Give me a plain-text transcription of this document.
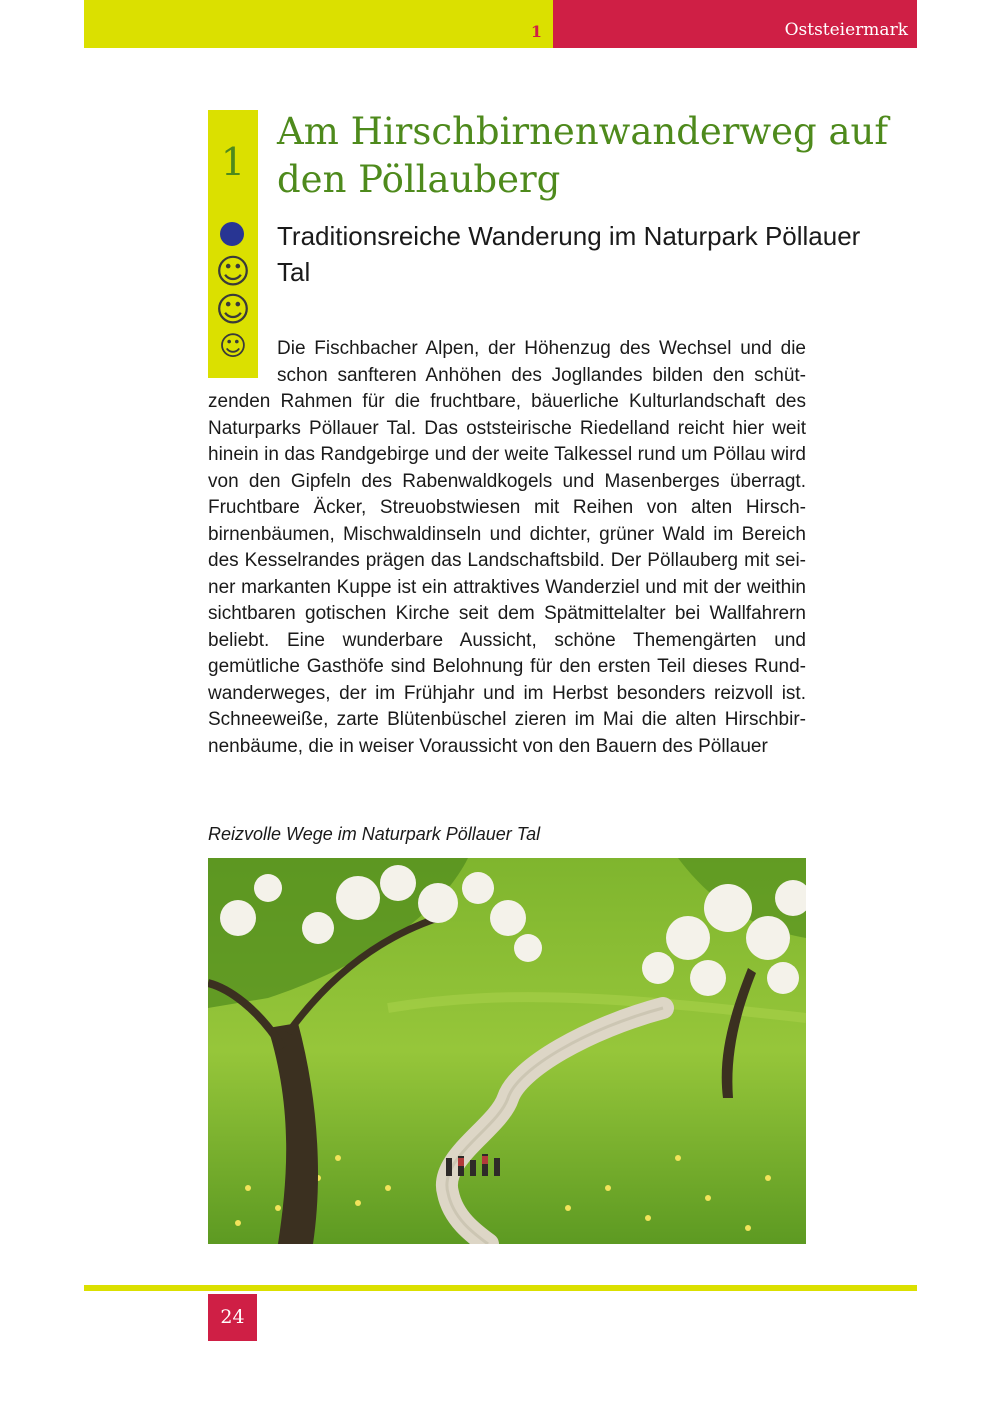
1	Oststeiermark
1
☺
☺
☺
Am Hirschbirnenwanderweg auf den Pöllauberg
Traditionsreiche Wanderung im Naturpark Pöllauer Tal
Die Fischbacher Alpen, der Höhenzug des Wechsel und die schon sanfteren Anhöhen des Jogllandes bilden den schützenden Rahmen für die fruchtbare, bäuerliche Kulturlandschaft des Naturparks Pöllauer Tal. Das oststeirische Riedelland reicht hier weit hinein in das Randgebirge und der weite Talkessel rund um Pöllau wird von den Gipfeln des Rabenwaldkogels und Masenberges überragt. Fruchtbare Äcker, Streuobstwiesen mit Reihen von alten Hirschbirnenbäumen, Mischwaldinseln und dichter, grüner Wald im Bereich des Kesselrandes prägen das Landschaftsbild. Der Pöllauberg mit seiner markanten Kuppe ist ein attraktives Wanderziel und mit der weithin sichtbaren gotischen Kirche seit dem Spätmittelalter bei Wallfahrern beliebt. Eine wunderbare Aussicht, schöne Themengärten und gemütliche Gasthöfe sind Belohnung für den ersten Teil dieses Rundwanderweges, der im Frühjahr und im Herbst besonders reizvoll ist. Schneeweiße, zarte Blütenbüschel zieren im Mai die alten Hirschbirnenbäume, die in weiser Voraussicht von den Bauern des Pöllauer
Reizvolle Wege im Naturpark Pöllauer Tal
24
